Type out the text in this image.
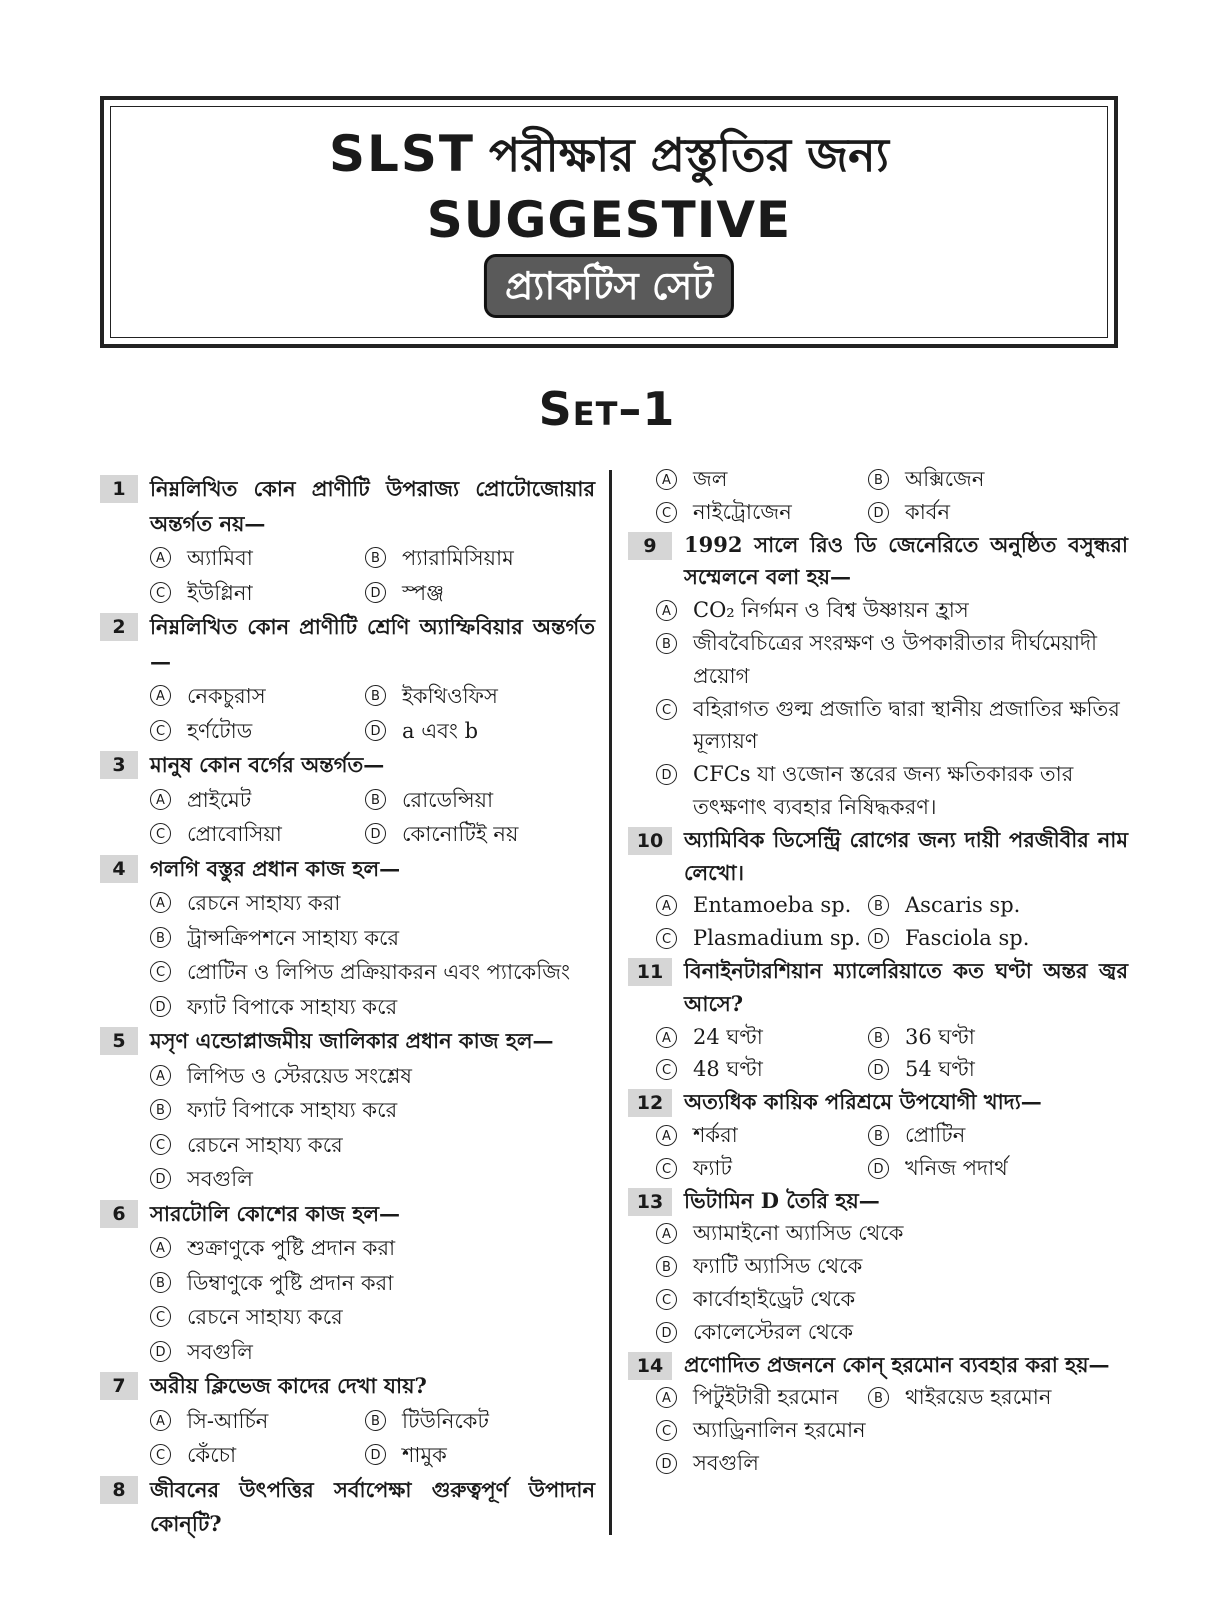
SLST পরীক্ষার প্রস্তুতির জন্য
SUGGESTIVE
প্র্যাকটিস সেট
Set–1
1	নিম্নলিখিত কোন প্রাণীটি উপরাজ্য প্রোটোজোয়ার অন্তর্গত নয়—
A অ্যামিবা	B প্যারামিসিয়াম
C ইউগ্লিনা	D স্পঞ্জ
2	নিম্নলিখিত কোন প্রাণীটি শ্রেণি অ্যাম্ফিবিয়ার অন্তর্গত—
A নেকচুরাস	B ইকথিওফিস
C হর্ণটোড	D a এবং b
3	মানুষ কোন বর্গের অন্তর্গত—
A প্রাইমেট	B রোডেন্সিয়া
C প্রোবোসিয়া	D কোনোটিই নয়
4	গলগি বস্তুর প্রধান কাজ হল—
A রেচনে সাহায্য করা
B ট্রান্সক্রিপশনে সাহায্য করে
C প্রোটিন ও লিপিড প্রক্রিয়াকরন এবং প্যাকেজিং
D ফ্যাট বিপাকে সাহায্য করে
5	মসৃণ এন্ডোপ্লাজমীয় জালিকার প্রধান কাজ হল—
A লিপিড ও স্টেরয়েড সংশ্লেষ
B ফ্যাট বিপাকে সাহায্য করে
C রেচনে সাহায্য করে
D সবগুলি
6	সারটোলি কোশের কাজ হল—
A শুক্রাণুকে পুষ্টি প্রদান করা
B ডিম্বাণুকে পুষ্টি প্রদান করা
C রেচনে সাহায্য করে
D সবগুলি
7	অরীয় ক্লিভেজ কাদের দেখা যায়?
A সি-আর্চিন	B টিউনিকেট
C কেঁচো	D শামুক
8	জীবনের উৎপত্তির সর্বাপেক্ষা গুরুত্বপূর্ণ উপাদান কোন্‌টি?
A জল	B অক্সিজেন
C নাইট্রোজেন	D কার্বন
9	1992 সালে রিও ডি জেনেরিতে অনুষ্ঠিত বসুন্ধরা সম্মেলনে বলা হয়—
A CO₂ নির্গমন ও বিশ্ব উষ্ণায়ন হ্রাস
B জীববৈচিত্রের সংরক্ষণ ও উপকারীতার দীর্ঘমেয়াদী প্রয়োগ
C বহিরাগত গুল্ম প্রজাতি দ্বারা স্থানীয় প্রজাতির ক্ষতির মূল্যায়ণ
D CFCs যা ওজোন স্তরের জন্য ক্ষতিকারক তার তৎক্ষণাৎ ব্যবহার নিষিদ্ধকরণ।
10 অ্যামিবিক ডিসেন্ট্রি রোগের জন্য দায়ী পরজীবীর নাম লেখো।
A Entamoeba sp.	B Ascaris sp.
C Plasmadium sp. D Fasciola sp.
11 বিনাইনটারশিয়ান ম্যালেরিয়াতে কত ঘণ্টা অন্তর জ্বর আসে?
A 24 ঘণ্টা	B 36 ঘণ্টা
C 48 ঘণ্টা	D 54 ঘণ্টা
12 অত্যধিক কায়িক পরিশ্রমে উপযোগী খাদ্য—
A শর্করা	B প্রোটিন
C ফ্যাট	D খনিজ পদার্থ
13 ভিটামিন D তৈরি হয়—
A অ্যামাইনো অ্যাসিড থেকে
B ফ্যাটি অ্যাসিড থেকে
C কার্বোহাইড্রেট থেকে
D কোলেস্টেরল থেকে
14 প্রণোদিত প্রজননে কোন্‌ হরমোন ব্যবহার করা হয়—
A পিটুইটারী হরমোন	B থাইরয়েড হরমোন
C অ্যাড্রিনালিন হরমোন
D সবগুলি
